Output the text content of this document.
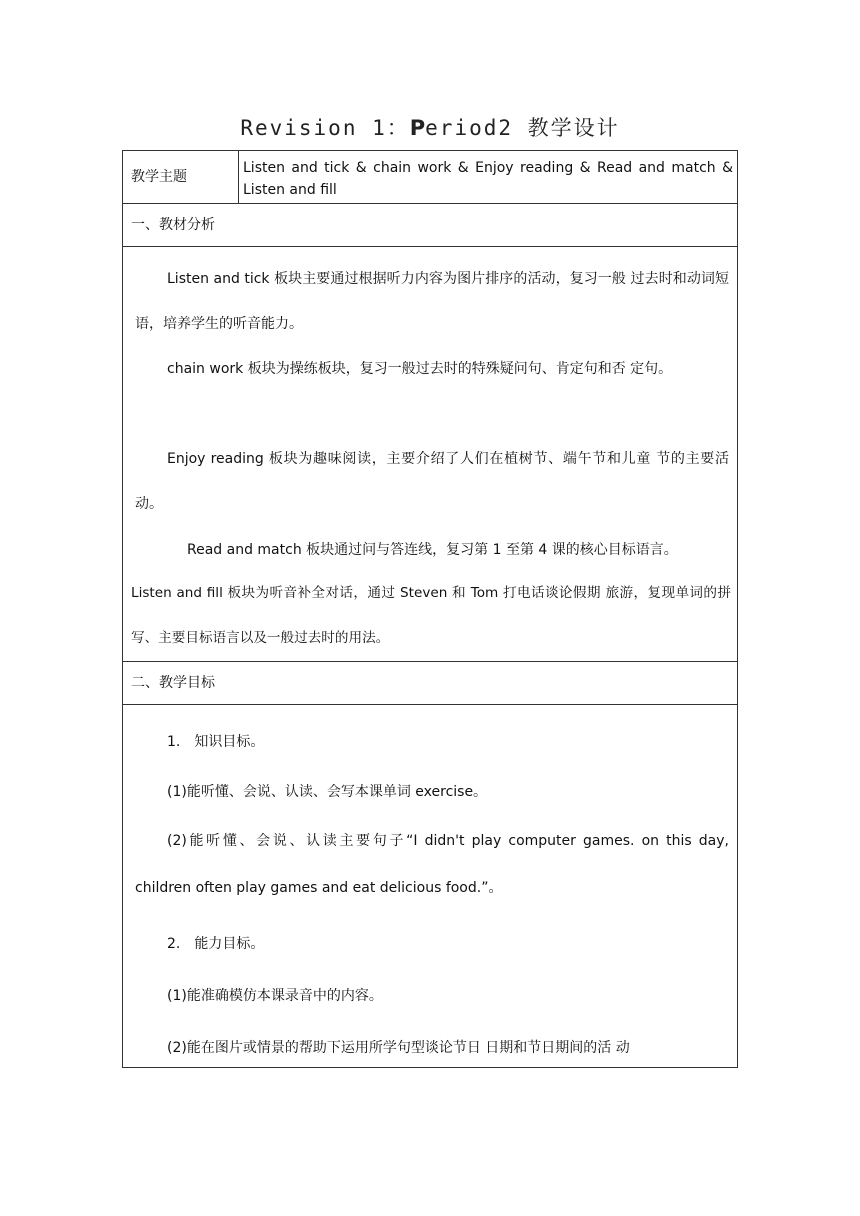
Revision 1：Period2 教学设计
教学主题
Listen and tick & chain work & Enjoy reading & Read and match & Listen and fill
一、教材分析
Listen and tick 板块主要通过根据听力内容为图片排序的活动，复习一般 过去时和动词短语，培养学生的听音能力。
chain work 板块为操练板块，复习一般过去时的特殊疑问句、肯定句和否 定句。
Enjoy reading 板块为趣味阅读，主要介绍了人们在植树节、端午节和儿童 节的主要活动。
Read and match 板块通过问与答连线，复习第 1 至第 4 课的核心目标语言。
Listen and fill 板块为听音补全对话，通过 Steven 和 Tom 打电话谈论假期 旅游，复现单词的拼写、主要目标语言以及一般过去时的用法。
二、教学目标
1.　知识目标。
(1)能听懂、会说、认读、会写本课单词 exercise。
(2)能听懂、会说、认读主要句子“I didn't play computer games. on this day, children often play games and eat delicious food.”。
2.　能力目标。
(1)能准确模仿本课录音中的内容。
(2)能在图片或情景的帮助下运用所学句型谈论节日 日期和节日期间的活 动
